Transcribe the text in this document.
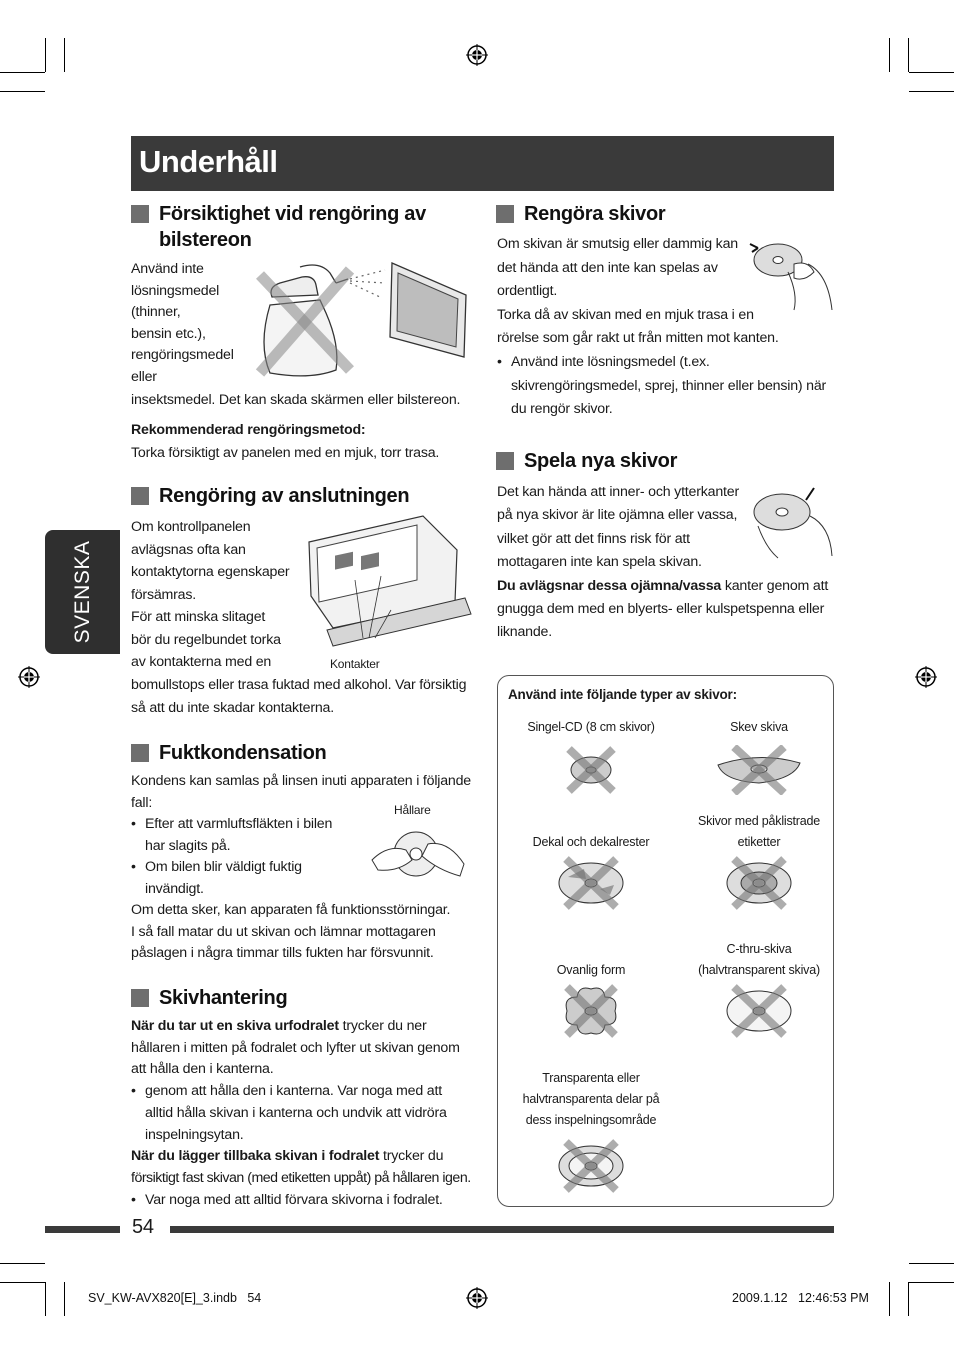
Underhåll
SVENSKA
Försiktighet vid rengöring av bilstereon

Använd inte

lösningsmedel

(thinner,

bensin etc.),

rengöringsmedel

eller

insektsmedel. Det kan skada skärmen eller bilstereon.
Rekommenderad rengöringsmetod:
Torka försiktigt av panelen med en mjuk, torr trasa.
Rengöring av anslutningen

Om kontrollpanelen

avlägsnas ofta kan

kontaktytorna egenskaper

försämras.

För att minska slitaget

bör du regelbundet torka

av kontakterna med en

bomullstops eller trasa fuktad med alkohol. Var försiktig
så att du inte skadar kontakterna.
Kontakter
Fuktkondensation

Kondens kan samlas på linsen inuti apparaten i följande

fall:

• Efter att varmluftsfläkten i bilen

har slagits på.

• Om bilen blir väldigt fuktig

invändigt.

Om detta sker, kan apparaten få funktionsstörningar.

I så fall matar du ut skivan och lämnar mottagaren

påslagen i några timmar tills fukten har försvunnit.

Hållare
Skivhantering

När du tar ut en skiva urfodralet trycker du ner

hållaren i mitten på fodralet och lyfter ut skivan genom

att hålla den i kanterna.

• genom att hålla den i kanterna. Var noga med att

alltid hålla skivan i kanterna och undvik att vidröra

inspelningsytan.

När du lägger tillbaka skivan i fodralet trycker du

försiktigt fast skivan (med etiketten uppåt) på hållaren igen.

• Var noga med att alltid förvara skivorna i fodralet.

Rengöra skivor

Om skivan är smutsig eller dammig kan

det hända att den inte kan spelas av

ordentligt.

Torka då av skivan med en mjuk trasa i en

rörelse som går rakt ut från mitten mot kanten.

• Använd inte lösningsmedel (t.ex.

skivrengöringsmedel, sprej, thinner eller bensin) när

du rengör skivor.

Spela nya skivor

Det kan hända att inner- och ytterkanter

på nya skivor är lite ojämna eller vassa,

vilket gör att det finns risk för att

mottagaren inte kan spela skivan.

Du avlägsnar dessa ojämna/vassa kanter genom att

gnugga dem med en blyerts- eller kulspetspenna eller

liknande.

Använd inte följande typer av skivor:
Singel-CD (8 cm skivor)	Skev skiva
Dekal och dekalrester
Skivor med påklistrade
etiketter
Ovanlig form
C-thru-skiva
(halvtransparent skiva)
Transparenta eller
halvtransparenta delar på
dess inspelningsområde
54
SV_KW-AVX820[E]_3.indb   54	2009.1.12   12:46:53 PM
